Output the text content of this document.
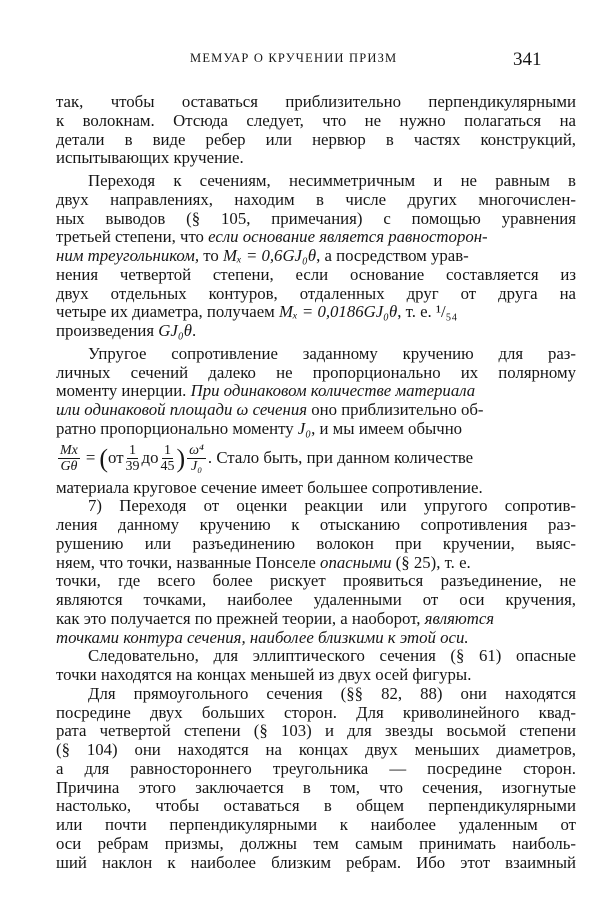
МЕМУАР О КРУЧЕНИИ ПРИЗМ	341
так, чтобы оставаться приблизительно перпендикулярными
к волокнам. Отсюда следует, что не нужно полагаться на
детали в виде ребер или нервюр в частях конструкций,
испытывающих кручение.
Переходя к сечениям, несимметричным и не равным в
двух направлениях, находим в числе других многочислен-
ных выводов (§ 105, примечания) с помощью уравнения
третьей степени, что если основание является равносторон-
ним треугольником, то Mₓ = 0,6GJ₀θ, а посредством урав-
нения четвертой степени, если основание составляется из
двух отдельных контуров, отдаленных друг от друга на
четыре их диаметра, получаем Mₓ = 0,0186GJ₀θ, т. е. ¹/₅₄
произведения GJ₀θ.
Упругое сопротивление заданному кручению для раз-
личных сечений далеко не пропорционально их полярному
моменту инерции. При одинаковом количестве материала
или одинаковой площади ω сечения оно приблизительно об-
ратно пропорционально моменту J₀, и мы имеем обычно
$\frac{Mx}{G\theta}$ = ( от $\frac{1}{39}$ до $\frac{1}{45}$ ) $\frac{\text{ω⁴}}{\text{J₀}}$ . Стало быть, при данном количестве
материала круговое сечение имеет большее сопротивление.
7) Переходя от оценки реакции или упругого сопротив-
ления данному кручению к отысканию сопротивления раз-
рушению или разъединению волокон при кручении, выяс-
няем, что точки, названные Понселе опасными (§ 25), т. е.
точки, где всего более рискует проявиться разъединение, не
являются точками, наиболее удаленными от оси кручения,
как это получается по прежней теории, а наоборот, являются
точками контура сечения, наиболее близкими к этой оси.
Следовательно, для эллиптического сечения (§ 61) опасные
точки находятся на концах меньшей из двух осей фигуры.
Для прямоугольного сечения (§§ 82, 88) они находятся
посредине двух больших сторон. Для криволинейного квад-
рата четвертой степени (§ 103) и для звезды восьмой степени
(§ 104) они находятся на концах двух меньших диаметров,
а для равностороннего треугольника — посредине сторон.
Причина этого заключается в том, что сечения, изогнутые
настолько, чтобы оставаться в общем перпендикулярными
или почти перпендикулярными к наиболее удаленным от
оси ребрам призмы, должны тем самым принимать наиболь-
ший наклон к наиболее близким ребрам. Ибо этот взаимный
